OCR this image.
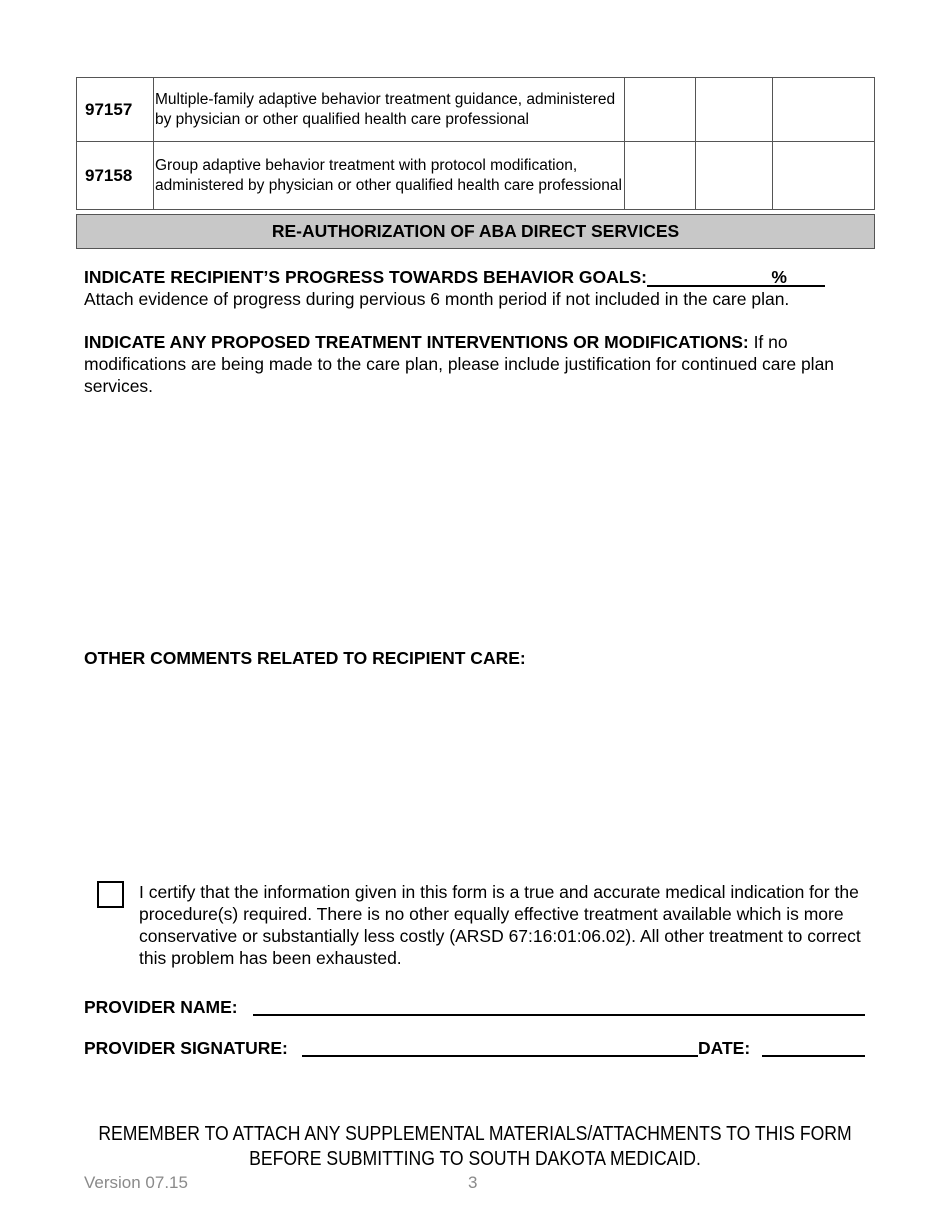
97157	Multiple-family adaptive behavior treatment guidance, administered by physician or other qualified health care professional			
97158	Group adaptive behavior treatment with protocol modification, administered by physician or other qualified health care professional			
RE-AUTHORIZATION OF ABA DIRECT SERVICES
INDICATE RECIPIENT’S PROGRESS TOWARDS BEHAVIOR GOALS:	%
Attach evidence of progress during pervious 6 month period if not included in the care plan.
INDICATE ANY PROPOSED TREATMENT INTERVENTIONS OR MODIFICATIONS: If no modifications are being made to the care plan, please include justification for continued care plan services.
OTHER COMMENTS RELATED TO RECIPIENT CARE:
I certify that the information given in this form is a true and accurate medical indication for the procedure(s) required. There is no other equally effective treatment available which is more conservative or substantially less costly (ARSD 67:16:01:06.02). All other treatment to correct this problem has been exhausted.
PROVIDER NAME:
PROVIDER SIGNATURE:	DATE:
REMEMBER TO ATTACH ANY SUPPLEMENTAL MATERIALS/ATTACHMENTS TO THIS FORM
BEFORE SUBMITTING TO SOUTH DAKOTA MEDICAID.
Version 07.15	3
